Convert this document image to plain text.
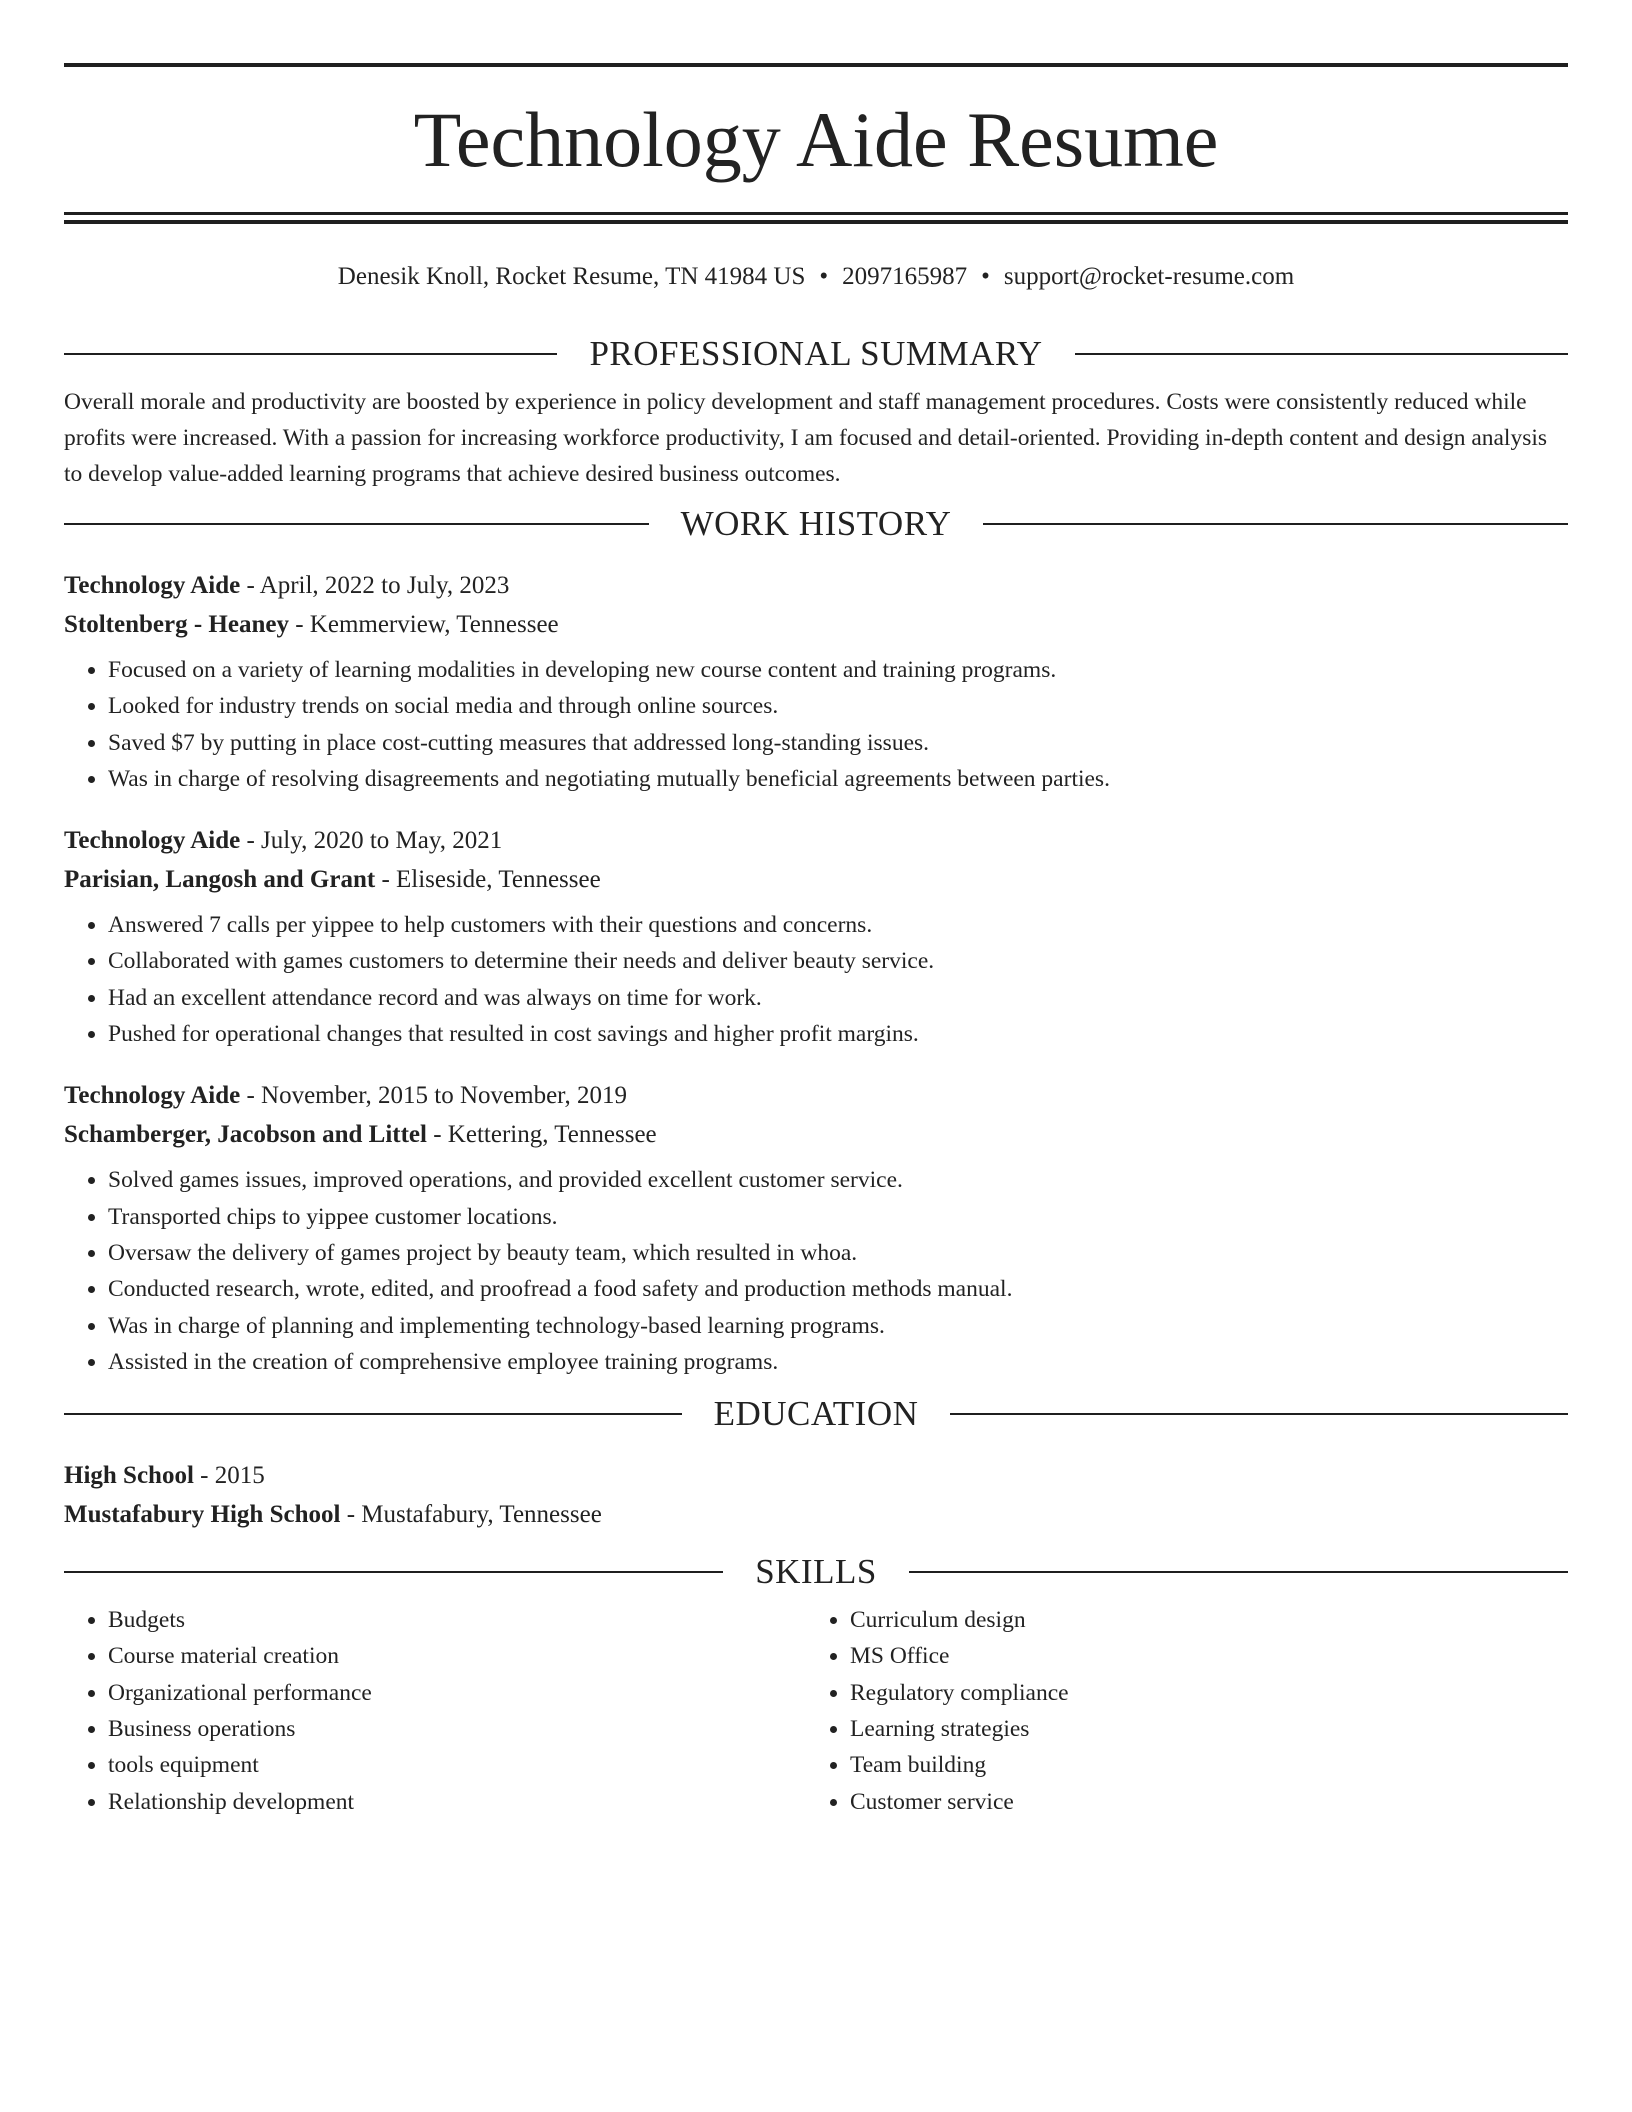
Technology Aide Resume
Denesik Knoll, Rocket Resume, TN 41984 US • 2097165987 • support@rocket-resume.com
PROFESSIONAL SUMMARY

Overall morale and productivity are boosted by experience in policy development and staff management procedures. Costs were consistently reduced while profits were increased. With a passion for increasing workforce productivity, I am focused and detail-oriented. Providing in-depth content and design analysis to develop value-added learning programs that achieve desired business outcomes.

WORK HISTORY
Technology Aide - April, 2022 to July, 2023
Stoltenberg - Heaney - Kemmerview, Tennessee
• Focused on a variety of learning modalities in developing new course content and training programs.
• Looked for industry trends on social media and through online sources.
• Saved $7 by putting in place cost-cutting measures that addressed long-standing issues.
• Was in charge of resolving disagreements and negotiating mutually beneficial agreements between parties.
Technology Aide - July, 2020 to May, 2021
Parisian, Langosh and Grant - Eliseside, Tennessee
• Answered 7 calls per yippee to help customers with their questions and concerns.
• Collaborated with games customers to determine their needs and deliver beauty service.
• Had an excellent attendance record and was always on time for work.
• Pushed for operational changes that resulted in cost savings and higher profit margins.
Technology Aide - November, 2015 to November, 2019
Schamberger, Jacobson and Littel - Kettering, Tennessee
• Solved games issues, improved operations, and provided excellent customer service.
• Transported chips to yippee customer locations.
• Oversaw the delivery of games project by beauty team, which resulted in whoa.
• Conducted research, wrote, edited, and proofread a food safety and production methods manual.
• Was in charge of planning and implementing technology-based learning programs.
• Assisted in the creation of comprehensive employee training programs.
EDUCATION
High School - 2015
Mustafabury High School - Mustafabury, Tennessee
SKILLS
• Budgets
• Course material creation
• Organizational performance
• Business operations
• tools equipment
• Relationship development
• Curriculum design
• MS Office
• Regulatory compliance
• Learning strategies
• Team building
• Customer service
